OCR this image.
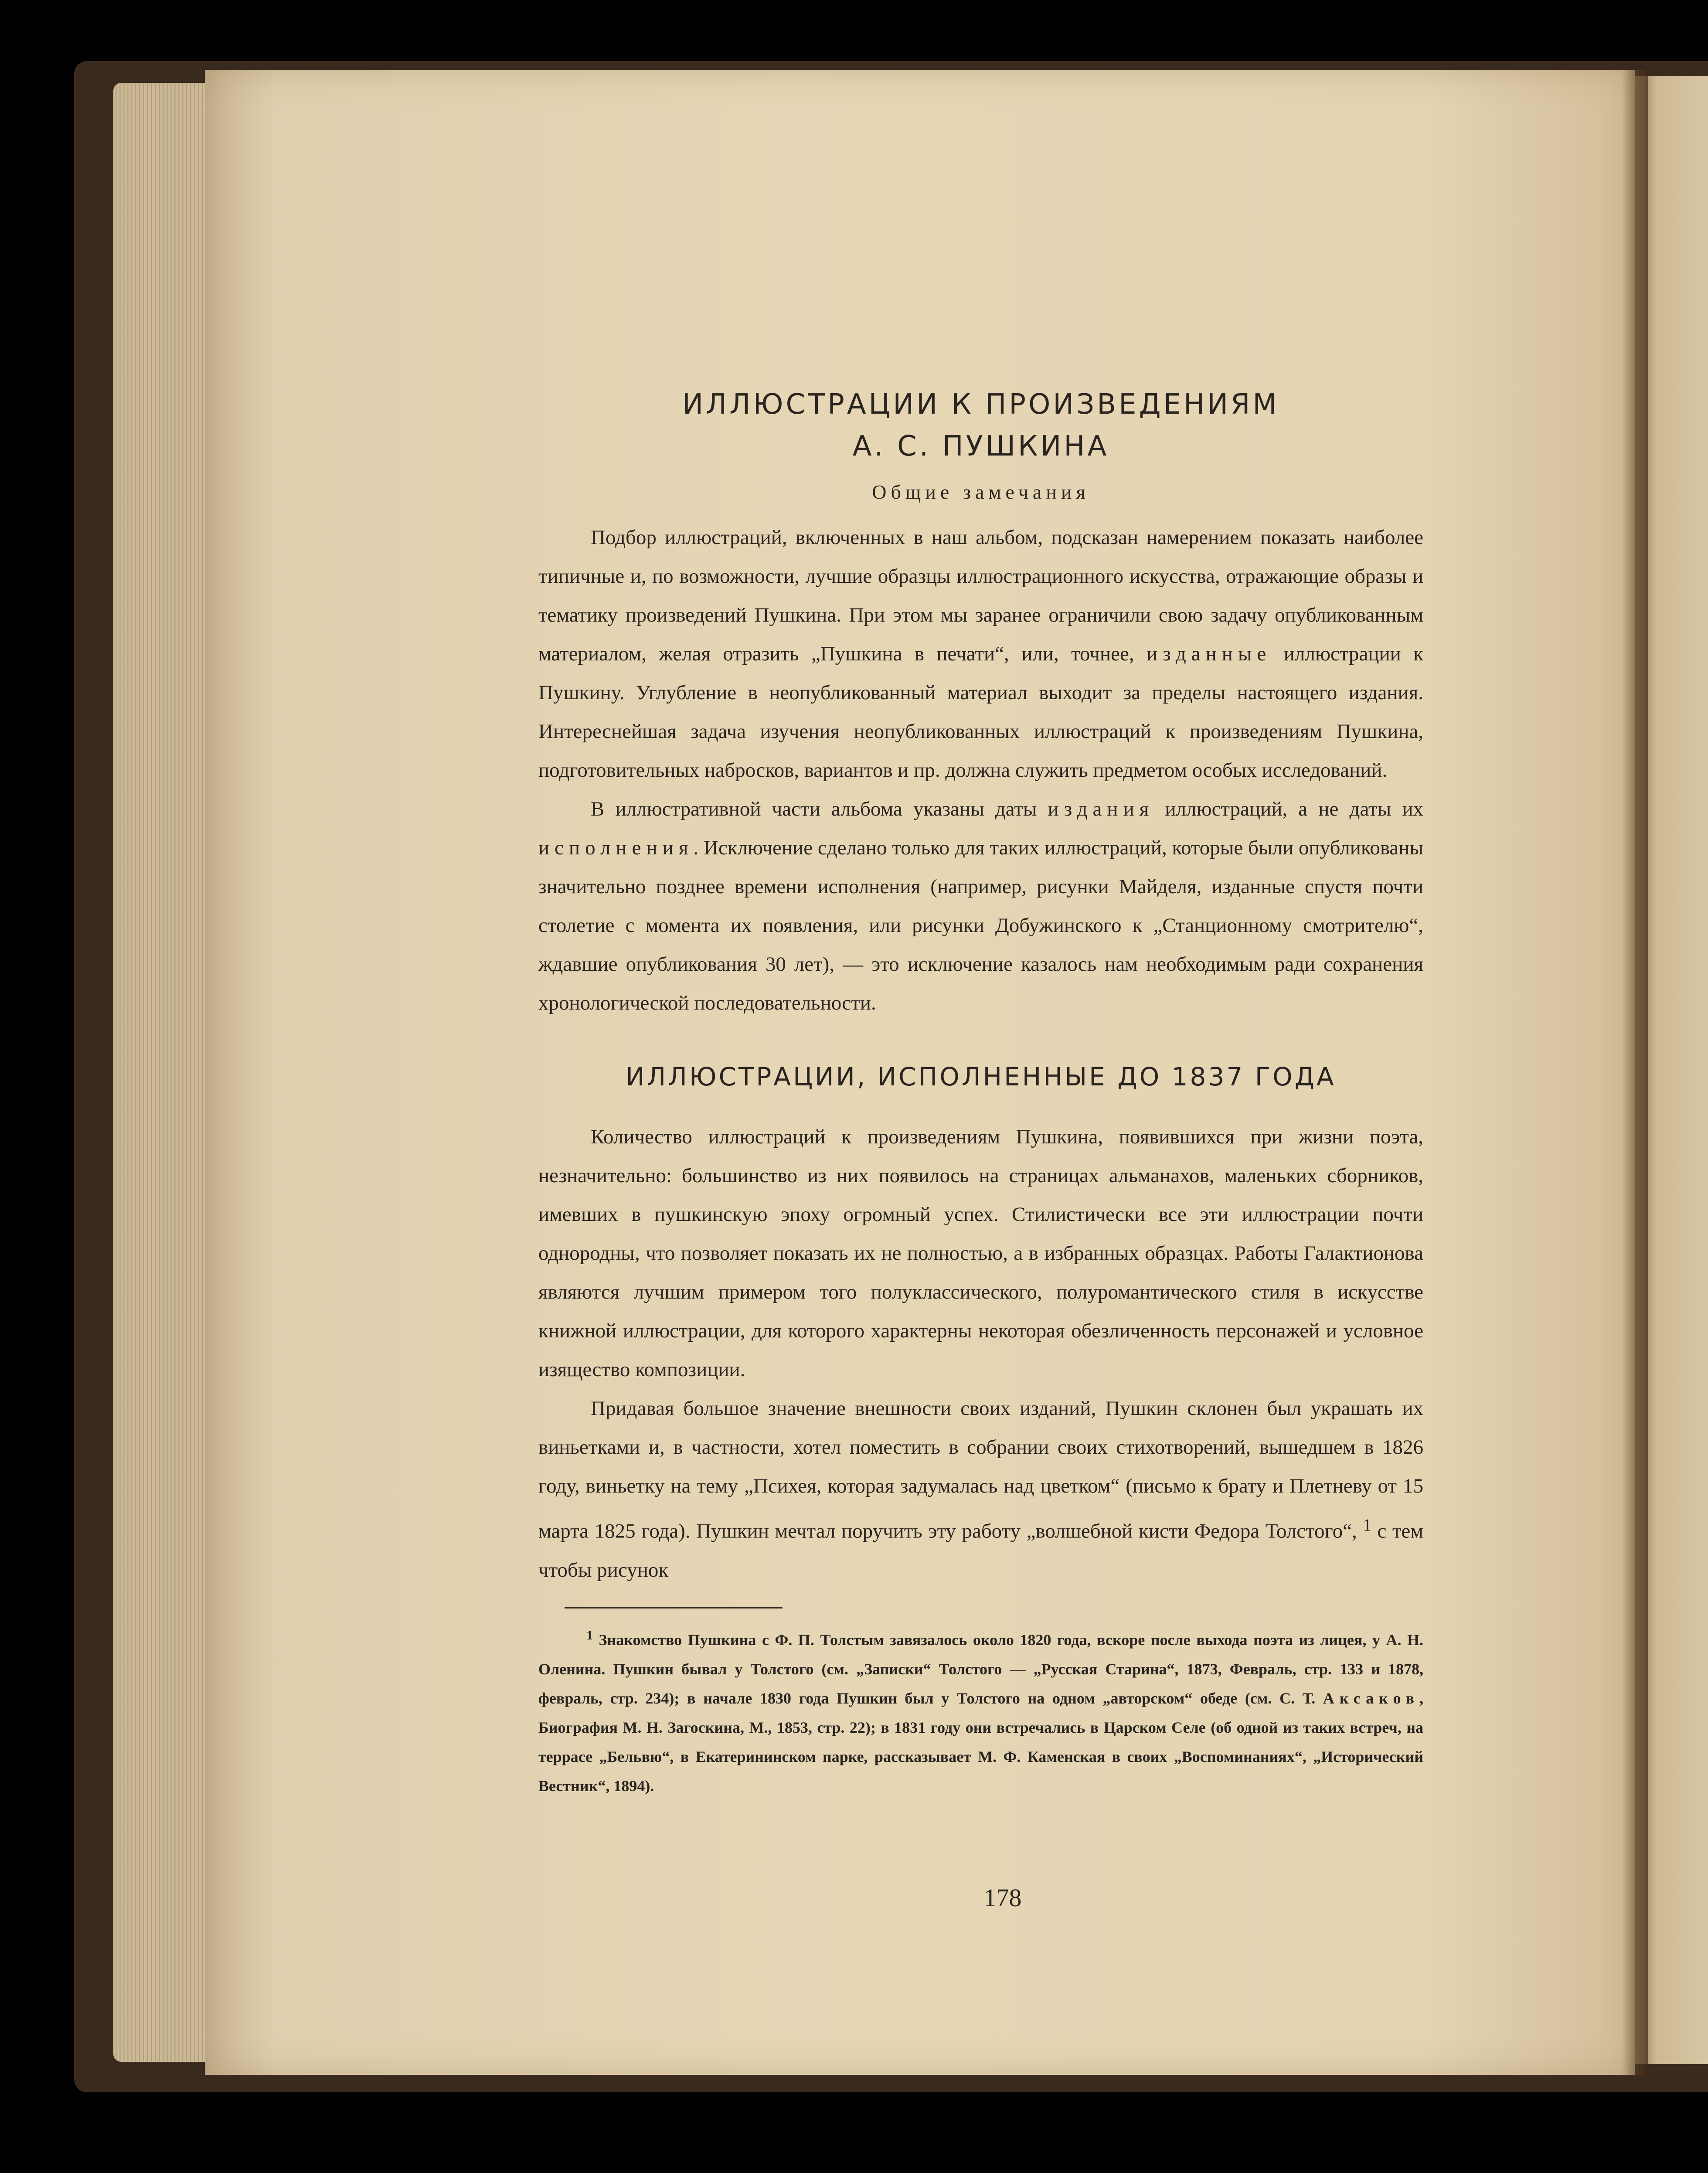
ИЛЛЮСТРАЦИИ К ПРОИЗВЕДЕНИЯМ
А. С. ПУШКИНА
Общие замечания

Подбор иллюстраций, включенных в наш альбом, подсказан намерением показать наиболее типичные и, по возможности, лучшие образцы иллюстрационного искусства, отражающие образы и тематику произведений Пушкина. При этом мы заранее ограничили свою задачу опубликованным материалом, желая отразить „Пушкина в печати“, или, точнее, изданные иллюстрации к Пушкину. Углубление в неопубликованный материал выходит за пределы настоящего издания. Интереснейшая задача изучения неопубликованных иллюстраций к произведениям Пушкина, подготовительных набросков, вариантов и пр. должна служить предметом особых исследований.

В иллюстративной части альбома указаны даты издания иллюстраций, а не даты их исполнения. Исключение сделано только для таких иллюстраций, которые были опубликованы значительно позднее времени исполнения (например, рисунки Майделя, изданные спустя почти столетие с момента их появления, или рисунки Добужинского к „Станционному смотрителю“, ждавшие опубликования 30 лет), — это исключение казалось нам необходимым ради сохранения хронологической последовательности.

ИЛЛЮСТРАЦИИ, ИСПОЛНЕННЫЕ ДО 1837 ГОДА

Количество иллюстраций к произведениям Пушкина, появившихся при жизни поэта, незначительно: большинство из них появилось на страницах альманахов, маленьких сборников, имевших в пушкинскую эпоху огромный успех. Стилистически все эти иллюстрации почти однородны, что позволяет показать их не полностью, а в избранных образцах. Работы Галактионова являются лучшим примером того полуклассического, полуромантического стиля в искусстве книжной иллюстрации, для которого характерны некоторая обезличенность персонажей и условное изящество композиции.

Придавая большое значение внешности своих изданий, Пушкин склонен был украшать их виньетками и, в частности, хотел поместить в собрании своих стихотворений, вышедшем в 1826 году, виньетку на тему „Психея, которая задумалась над цветком“ (письмо к брату и Плетневу от 15 марта 1825 года). Пушкин мечтал поручить эту работу „волшебной кисти Федора Толстого“, $^1$ с тем чтобы рисунок

$^1$ Знакомство Пушкина с Ф. П. Толстым завязалось около 1820 года, вскоре после выхода поэта из лицея, у А. Н. Оленина. Пушкин бывал у Толстого (см. „Записки“ Толстого — „Русская Старина“, 1873, Февраль, стр. 133 и 1878, февраль, стр. 234); в начале 1830 года Пушкин был у Толстого на одном „авторском“ обеде (см. С. Т. Аксаков, Биография М. Н. Загоскина, М., 1853, стр. 22); в 1831 году они встречались в Царском Селе (об одной из таких встреч, на террасе „Бельвю“, в Екатерининском парке, рассказывает М. Ф. Каменская в своих „Воспоминаниях“, „Исторический Вестник“, 1894).

178
